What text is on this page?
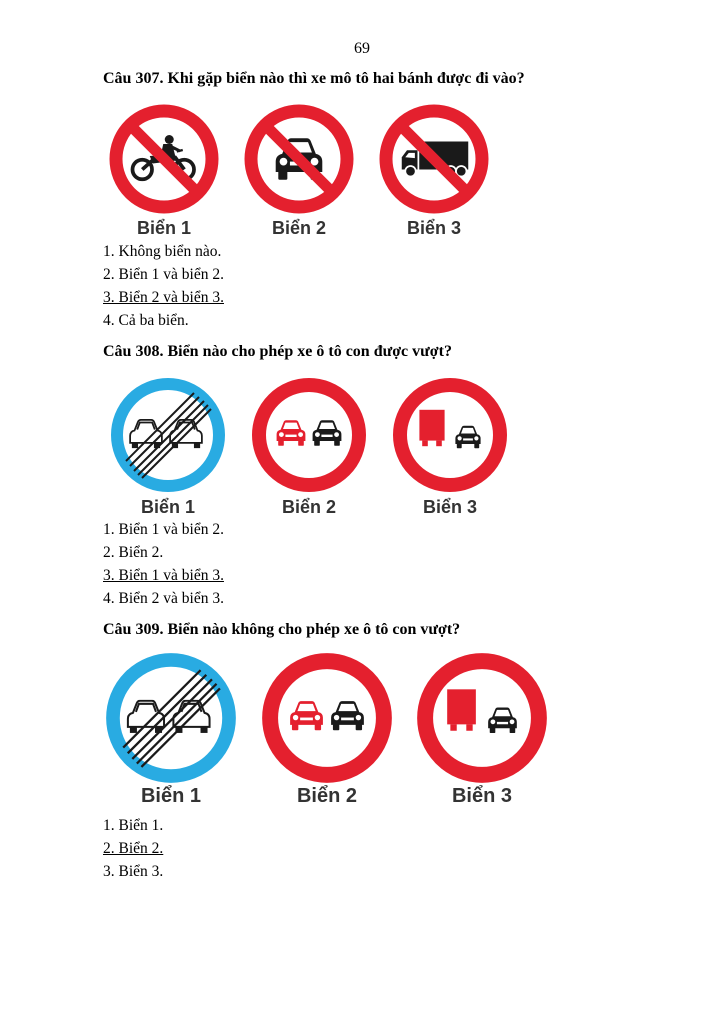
69
Câu 307. Khi gặp biển nào thì xe mô tô hai bánh được đi vào?
Biển 1	Biển 2	Biển 3
1. Không biển nào.
2. Biển 1 và biển 2.
3. Biển 2 và biển 3.
4. Cả ba biển.
Câu 308. Biển nào cho phép xe ô tô con được vượt?
Biển 1	Biển 2	Biển 3
1. Biển 1 và biển 2.
2. Biển 2.
3. Biển 1 và biển 3.
4. Biển 2 và biển 3.
Câu 309. Biển nào không cho phép xe ô tô con vượt?
Biển 1	Biển 2	Biển 3
1. Biển 1.
2. Biển 2.
3. Biển 3.
